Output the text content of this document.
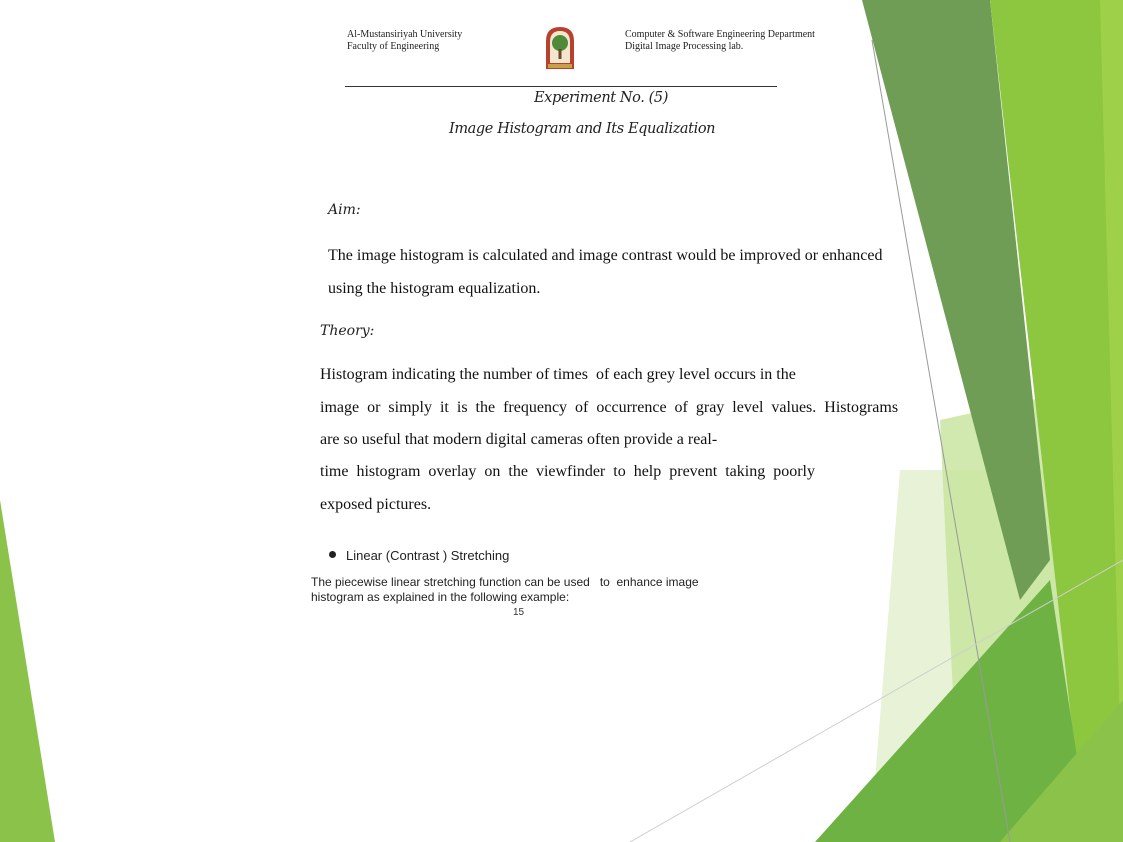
Al-Mustansiriyah University
Faculty of Engineering
Computer & Software Engineering Department
Digital Image Processing lab.
Experiment No. (5)
Image Histogram and Its Equalization
Aim:
The image histogram is calculated and image contrast would be improved or enhanced
using the histogram equalization.
Theory:
Histogram indicating the number of times  of each grey level occurs in the
image  or  simply  it  is  the  frequency  of  occurrence  of  gray  level  values.  Histograms
are so useful that modern digital cameras often provide a real-
time  histogram  overlay  on  the  viewfinder  to  help  prevent  taking  poorly
exposed pictures.
Linear (Contrast ) Stretching
The piecewise linear stretching function can be used   to  enhance image
histogram as explained in the following example:
15
